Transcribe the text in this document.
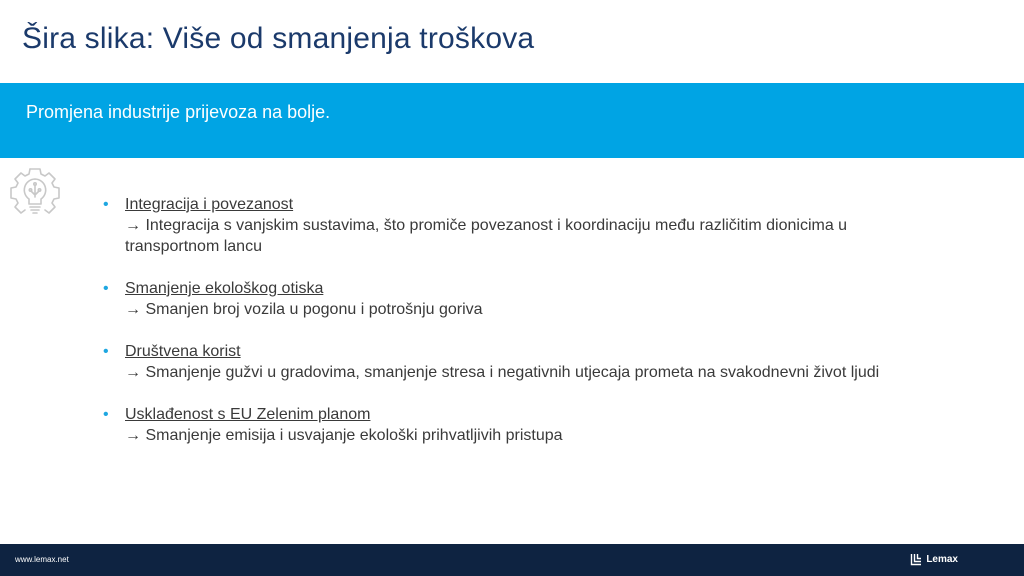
Šira slika: Više od smanjenja troškova
Promjena industrije prijevoza na bolje.
• Integracija i povezanost
→ Integracija s vanjskim sustavima, što promiče povezanost i koordinaciju među različitim dionicima u transportnom lancu
• Smanjenje ekološkog otiska
→ Smanjen broj vozila u pogonu i potrošnju goriva
• Društvena korist
→ Smanjenje gužvi u gradovima, smanjenje stresa i negativnih utjecaja prometa na svakodnevni život ljudi
• Usklađenost s EU Zelenim planom
→ Smanjenje emisija i usvajanje ekološki prihvatljivih pristupa
www.lemax.net	Lemax
